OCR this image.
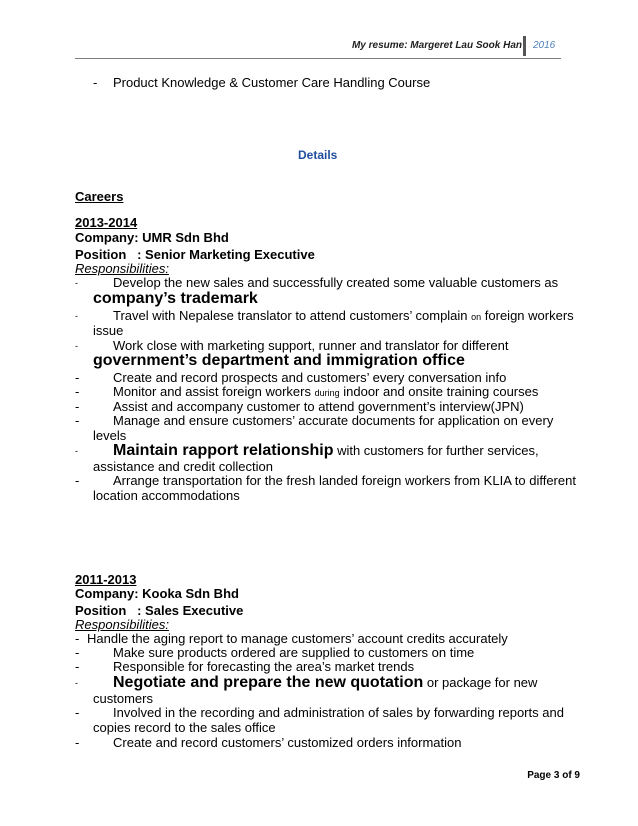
My resume: Margeret Lau Sook Han 2016
- Product Knowledge & Customer Care Handling Course
Details
Careers
2013-2014
Company: UMR Sdn Bhd
Position   : Senior Marketing Executive
Responsibilities:
-	Develop the new sales and successfully created some valuable customers as
company’s trademark
-	Travel with Nepalese translator to attend customers’ complain on foreign workers
issue
-	Work close with marketing support, runner and translator for different
government’s department and immigration office
-	Create and record prospects and customers’ every conversation info
-	Monitor and assist foreign workers during indoor and onsite training courses
-	Assist and accompany customer to attend government’s interview(JPN)
-	Manage and ensure customers’ accurate documents for application on every
levels
-	Maintain rapport relationship with customers for further services,
assistance and credit collection
-	Arrange transportation for the fresh landed foreign workers from KLIA to different
location accommodations
2011-2013
Company: Kooka Sdn Bhd
Position   : Sales Executive
Responsibilities:
- Handle the aging report to manage customers’ account credits accurately
-	Make sure products ordered are supplied to customers on time
-	Responsible for forecasting the area’s market trends
-	Negotiate and prepare the new quotation or package for new
customers
-	Involved in the recording and administration of sales by forwarding reports and
copies record to the sales office
-	Create and record customers’ customized orders information
Page 3 of 9
